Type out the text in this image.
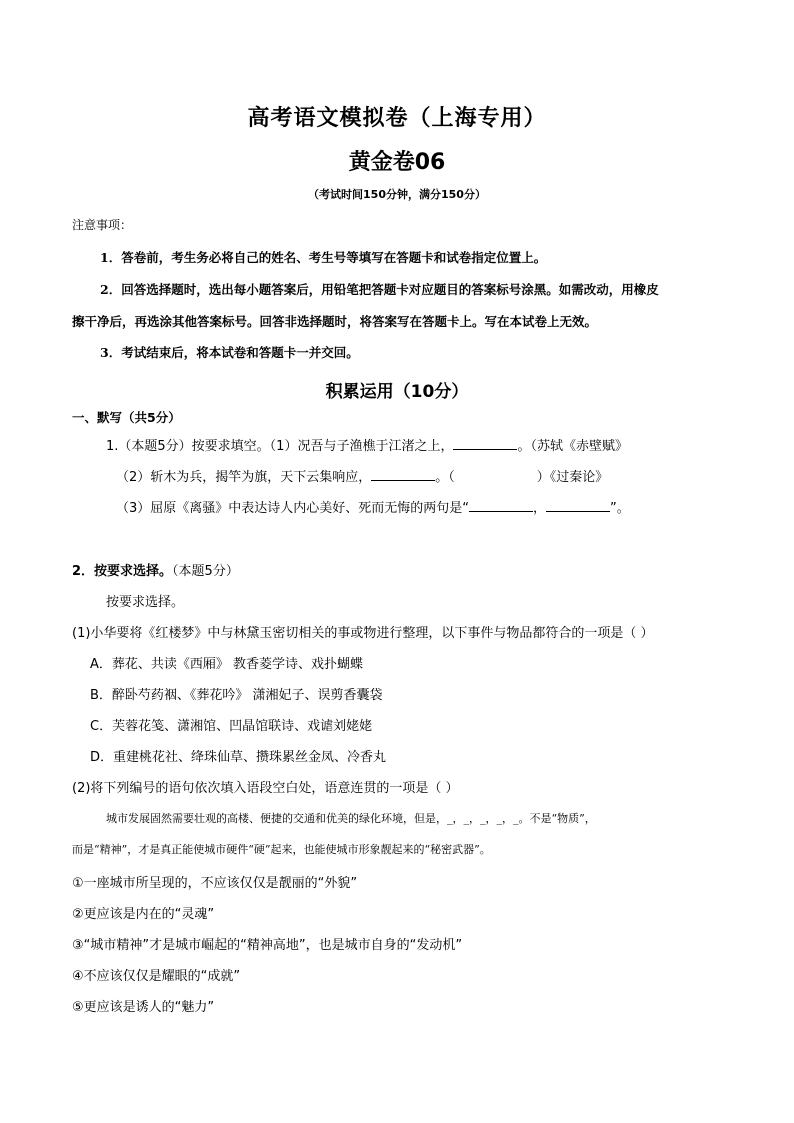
高考语文模拟卷（上海专用）
黄金卷06
（考试时间150分钟，满分150分）
注意事项：
1．答卷前，考生务必将自己的姓名、考生号等填写在答题卡和试卷指定位置上。
2．回答选择题时，选出每小题答案后，用铅笔把答题卡对应题目的答案标号涂黑。如需改动，用橡皮
擦干净后，再选涂其他答案标号。回答非选择题时，将答案写在答题卡上。写在本试卷上无效。
3．考试结束后，将本试卷和答题卡一并交回。
积累运用（10分）
一、默写（共5分）
1.（本题5分）按要求填空。（1）况吾与子渔樵于江渚之上，	。（苏轼《赤壁赋》
（2）斩木为兵，揭竿为旗，天下云集响应，	。（	）《过秦论》
（3）屈原《离骚》中表达诗人内心美好、死而无悔的两句是“	，	”。
2．按要求选择。（本题5分）
按要求选择。
(1)小华要将《红楼梦》中与林黛玉密切相关的事或物进行整理，以下事件与物品都符合的一项是（ ）
A．葬花、共读《西厢》 教香菱学诗、戏扑蝴蝶
B．醉卧芍药裀、《葬花吟》 潇湘妃子、误剪香囊袋
C．芙蓉花笺、潇湘馆、凹晶馆联诗、戏谑刘姥姥
D．重建桃花社、绛珠仙草、攒珠累丝金凤、冷香丸
(2)将下列编号的语句依次填入语段空白处，语意连贯的一项是（ ）
城市发展固然需要壮观的高楼、便捷的交通和优美的绿化环境，但是，_，_，_，_，_。不是“物质”，
而是“精神”，才是真正能使城市硬件“硬”起来，也能使城市形象靓起来的“秘密武器”。
①一座城市所呈现的，不应该仅仅是靓丽的“外貌”
②更应该是内在的“灵魂”
③“城市精神”才是城市崛起的“精神高地”，也是城市自身的“发动机”
④不应该仅仅是耀眼的“成就”
⑤更应该是诱人的“魅力”
